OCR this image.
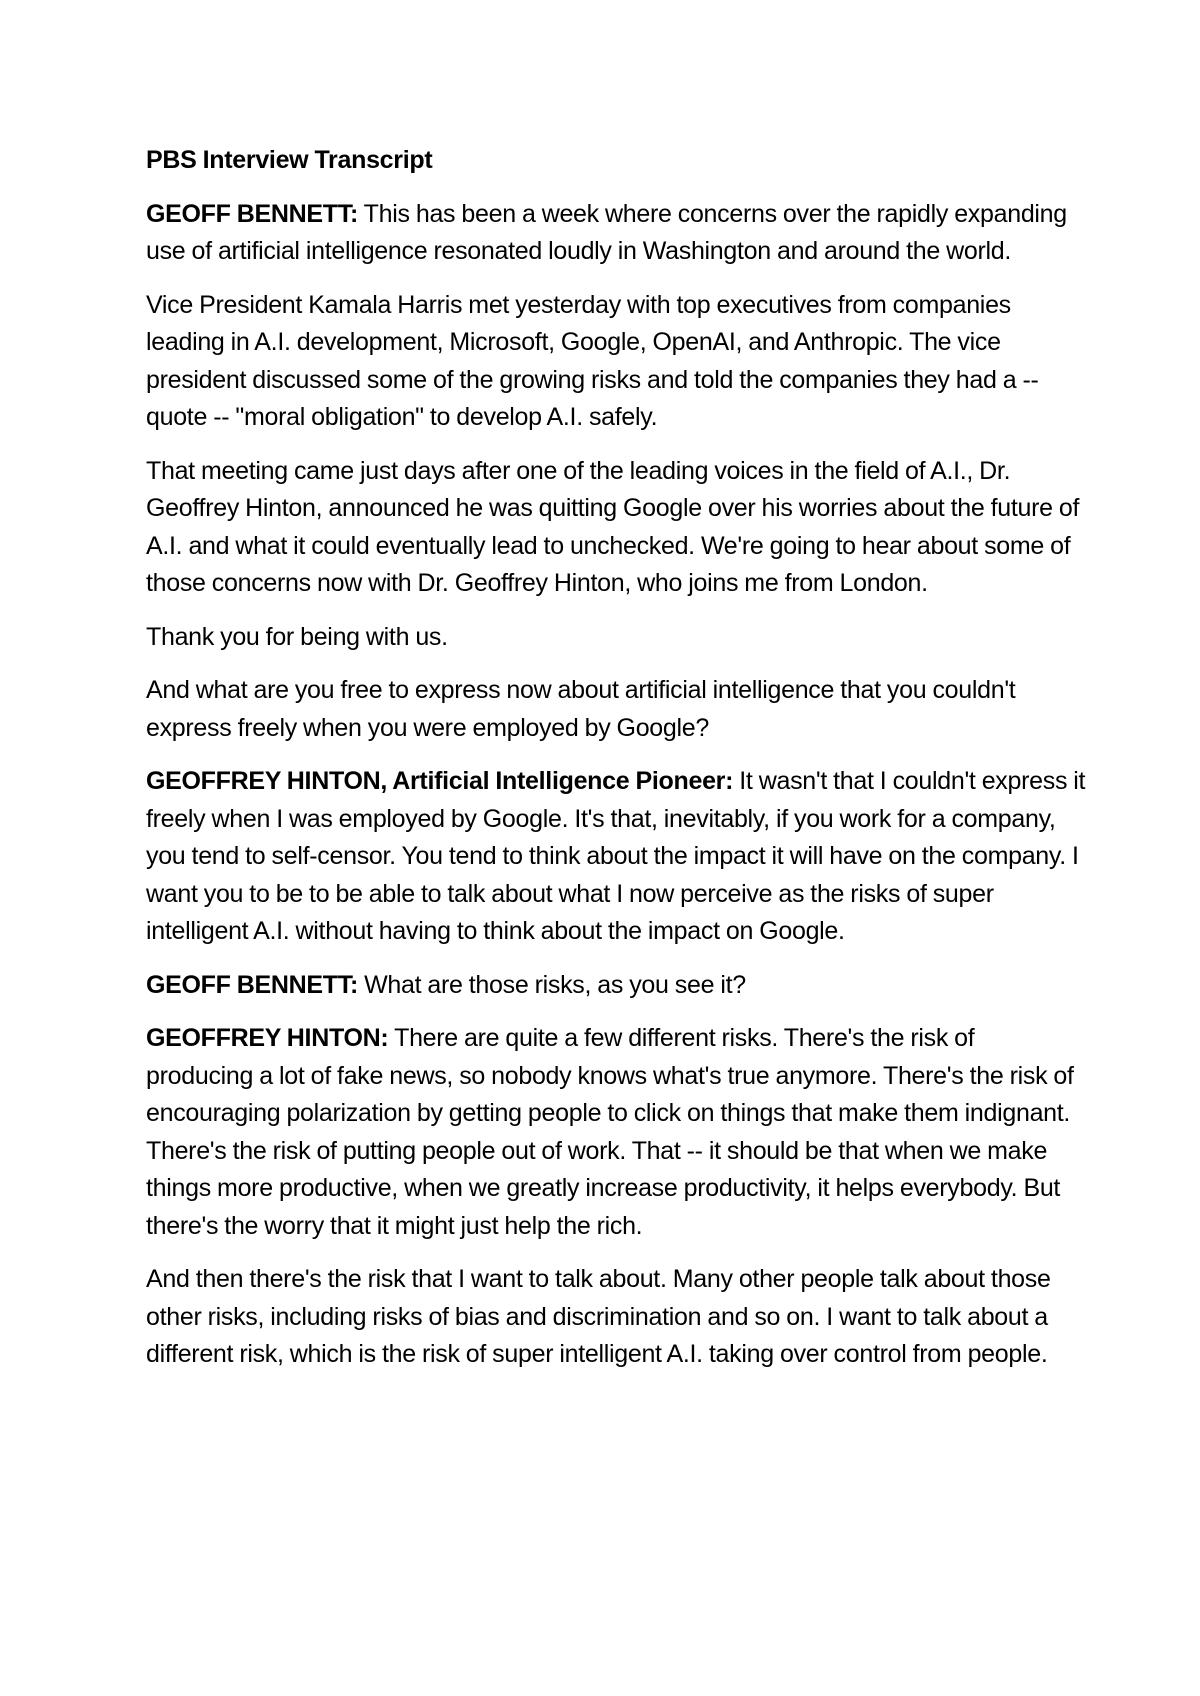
PBS Interview Transcript

GEOFF BENNETT: This has been a week where concerns over the rapidly expanding use of artificial intelligence resonated loudly in Washington and around the world.

Vice President Kamala Harris met yesterday with top executives from companies leading in A.I. development, Microsoft, Google, OpenAI, and Anthropic. The vice president discussed some of the growing risks and told the companies they had a -- quote -- "moral obligation" to develop A.I. safely.

That meeting came just days after one of the leading voices in the field of A.I., Dr. Geoffrey Hinton, announced he was quitting Google over his worries about the future of A.I. and what it could eventually lead to unchecked. We're going to hear about some of those concerns now with Dr. Geoffrey Hinton, who joins me from London.

Thank you for being with us.

And what are you free to express now about artificial intelligence that you couldn't express freely when you were employed by Google?

GEOFFREY HINTON, Artificial Intelligence Pioneer: It wasn't that I couldn't express it freely when I was employed by Google. It's that, inevitably, if you work for a company, you tend to self-censor. You tend to think about the impact it will have on the company. I want you to be to be able to talk about what I now perceive as the risks of super intelligent A.I. without having to think about the impact on Google.

GEOFF BENNETT: What are those risks, as you see it?

GEOFFREY HINTON: There are quite a few different risks. There's the risk of producing a lot of fake news, so nobody knows what's true anymore. There's the risk of encouraging polarization by getting people to click on things that make them indignant. There's the risk of putting people out of work. That -- it should be that when we make things more productive, when we greatly increase productivity, it helps everybody. But there's the worry that it might just help the rich.

And then there's the risk that I want to talk about. Many other people talk about those other risks, including risks of bias and discrimination and so on. I want to talk about a different risk, which is the risk of super intelligent A.I. taking over control from people.
